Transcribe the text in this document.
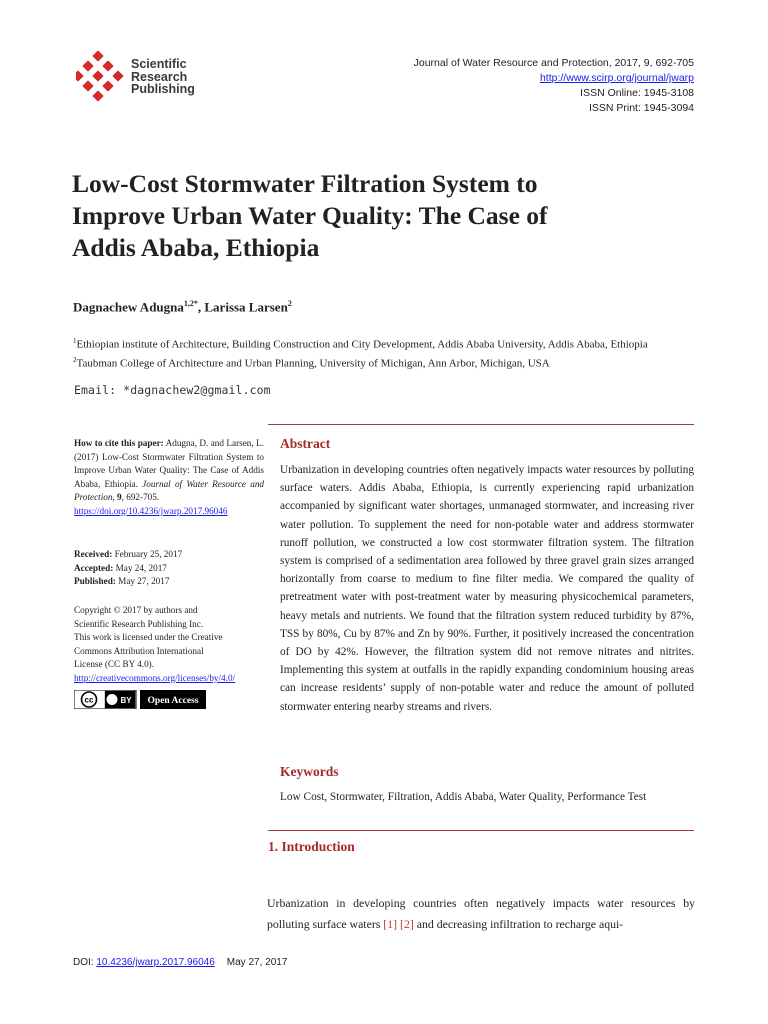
Scientific
Research
Publishing
Journal of Water Resource and Protection, 2017, 9, 692-705
http://www.scirp.org/journal/jwarp
ISSN Online: 1945-3108
ISSN Print: 1945-3094
Low-Cost Stormwater Filtration System to
Improve Urban Water Quality: The Case of
Addis Ababa, Ethiopia
Dagnachew Adugna$^{1,2*}$, Larissa Larsen$^2$
$^1$Ethiopian institute of Architecture, Building Construction and City Development, Addis Ababa University, Addis Ababa, Ethiopia
$^2$Taubman College of Architecture and Urban Planning, University of Michigan, Ann Arbor, Michigan, USA
Email: *dagnachew2@gmail.com
How to cite this paper: Adugna, D. and Larsen, L. (2017) Low-Cost Stormwater Filtration System to Improve Urban Water Quality: The Case of Addis Ababa, Ethiopia. Journal of Water Resource and Protection, 9, 692-705.
https://doi.org/10.4236/jwarp.2017.96046
Received: February 25, 2017
Accepted: May 24, 2017
Published: May 27, 2017
Copyright © 2017 by authors and
Scientific Research Publishing Inc.
This work is licensed under the Creative
Commons Attribution International
License (CC BY 4.0).
http://creativecommons.org/licenses/by/4.0/
cc	BY Open Access
Abstract
Urbanization in developing countries often negatively impacts water resources by polluting surface waters. Addis Ababa, Ethiopia, is currently experiencing rapid urbanization accompanied by significant water shortages, unmanaged stormwater, and increasing river water pollution. To supplement the need for non-potable water and address stormwater runoff pollution, we constructed a low cost stormwater filtration system. The filtration system is comprised of a sedimentation area followed by three gravel grain sizes arranged horizontally from coarse to medium to fine filter media. We compared the quality of pretreatment water with post-treatment water by measuring physicochemical parameters, heavy metals and nutrients. We found that the filtration system reduced turbidity by 87%, TSS by 80%, Cu by 87% and Zn by 90%. Further, it positively increased the concentration of DO by 42%. However, the filtration system did not remove nitrates and nitrites. Implementing this system at outfalls in the rapidly expanding condominium housing areas can increase residents’ supply of non-potable water and reduce the amount of polluted stormwater entering nearby streams and rivers.
Keywords
Low Cost, Stormwater, Filtration, Addis Ababa, Water Quality, Performance Test
1. Introduction
Urbanization in developing countries often negatively impacts water resources by polluting surface waters [1] [2] and decreasing infiltration to recharge aqui-
DOI: 10.4236/jwarp.2017.96046 May 27, 2017
